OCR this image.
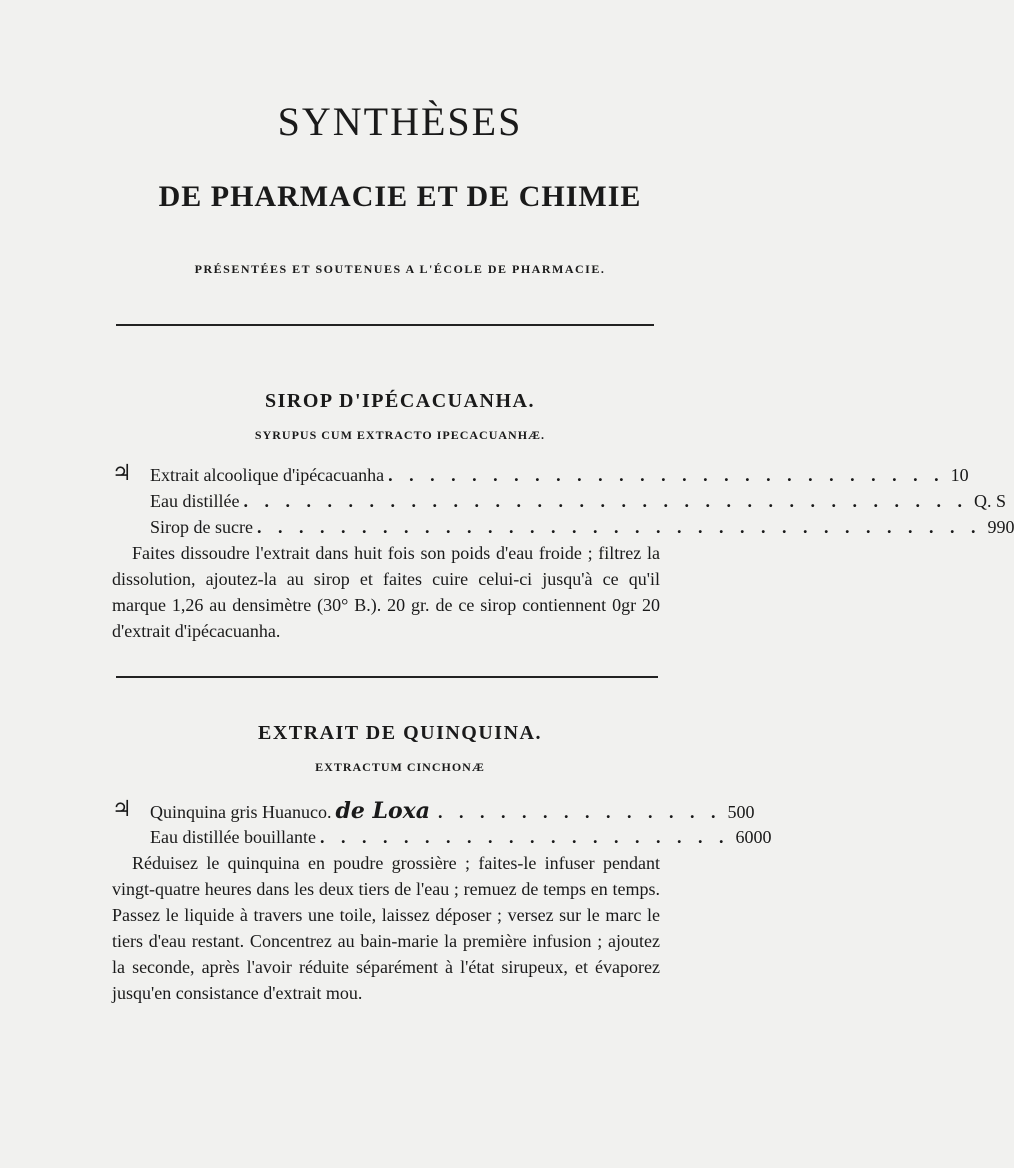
SYNTHÈSES
DE PHARMACIE ET DE CHIMIE
PRÉSENTÉES ET SOUTENUES A L'ÉCOLE DE PHARMACIE.
SIROP D'IPÉCACUANHA.
SYRUPUS CUM EXTRACTO IPECACUANHÆ.
♃ Extrait alcoolique d'ipécacuanha . . . . . . . . . . . . . . . . . . . . . . . . . . . 10
Eau distillée . . . . . . . . . . . . . . . . . . . . . . . . . . . . . . . . . . . Q. S
Sirop de sucre . . . . . . . . . . . . . . . . . . . . . . . . . . . . . . . . . . . 990
Faites dissoudre l'extrait dans huit fois son poids d'eau froide ; filtrez la dissolution, ajoutez-la au sirop et faites cuire celui-ci jusqu'à ce qu'il marque 1,26 au densimètre (30° B.). 20 gr. de ce sirop contiennent 0gr 20 d'extrait d'ipécacuanha.
EXTRAIT DE QUINQUINA.
EXTRACTUM CINCHONÆ
♃ Quinquina gris Huanuco. de Loxa . . . . . . . . . . . . . . 500
Eau distillée bouillante . . . . . . . . . . . . . . . . . . . . 6000
Réduisez le quinquina en poudre grossière ; faites-le infuser pendant vingt-quatre heures dans les deux tiers de l'eau ; remuez de temps en temps. Passez le liquide à travers une toile, laissez déposer ; versez sur le marc le tiers d'eau restant. Concentrez au bain-marie la première infusion ; ajoutez la seconde, après l'avoir réduite séparément à l'état sirupeux, et évaporez jusqu'en consistance d'extrait mou.
